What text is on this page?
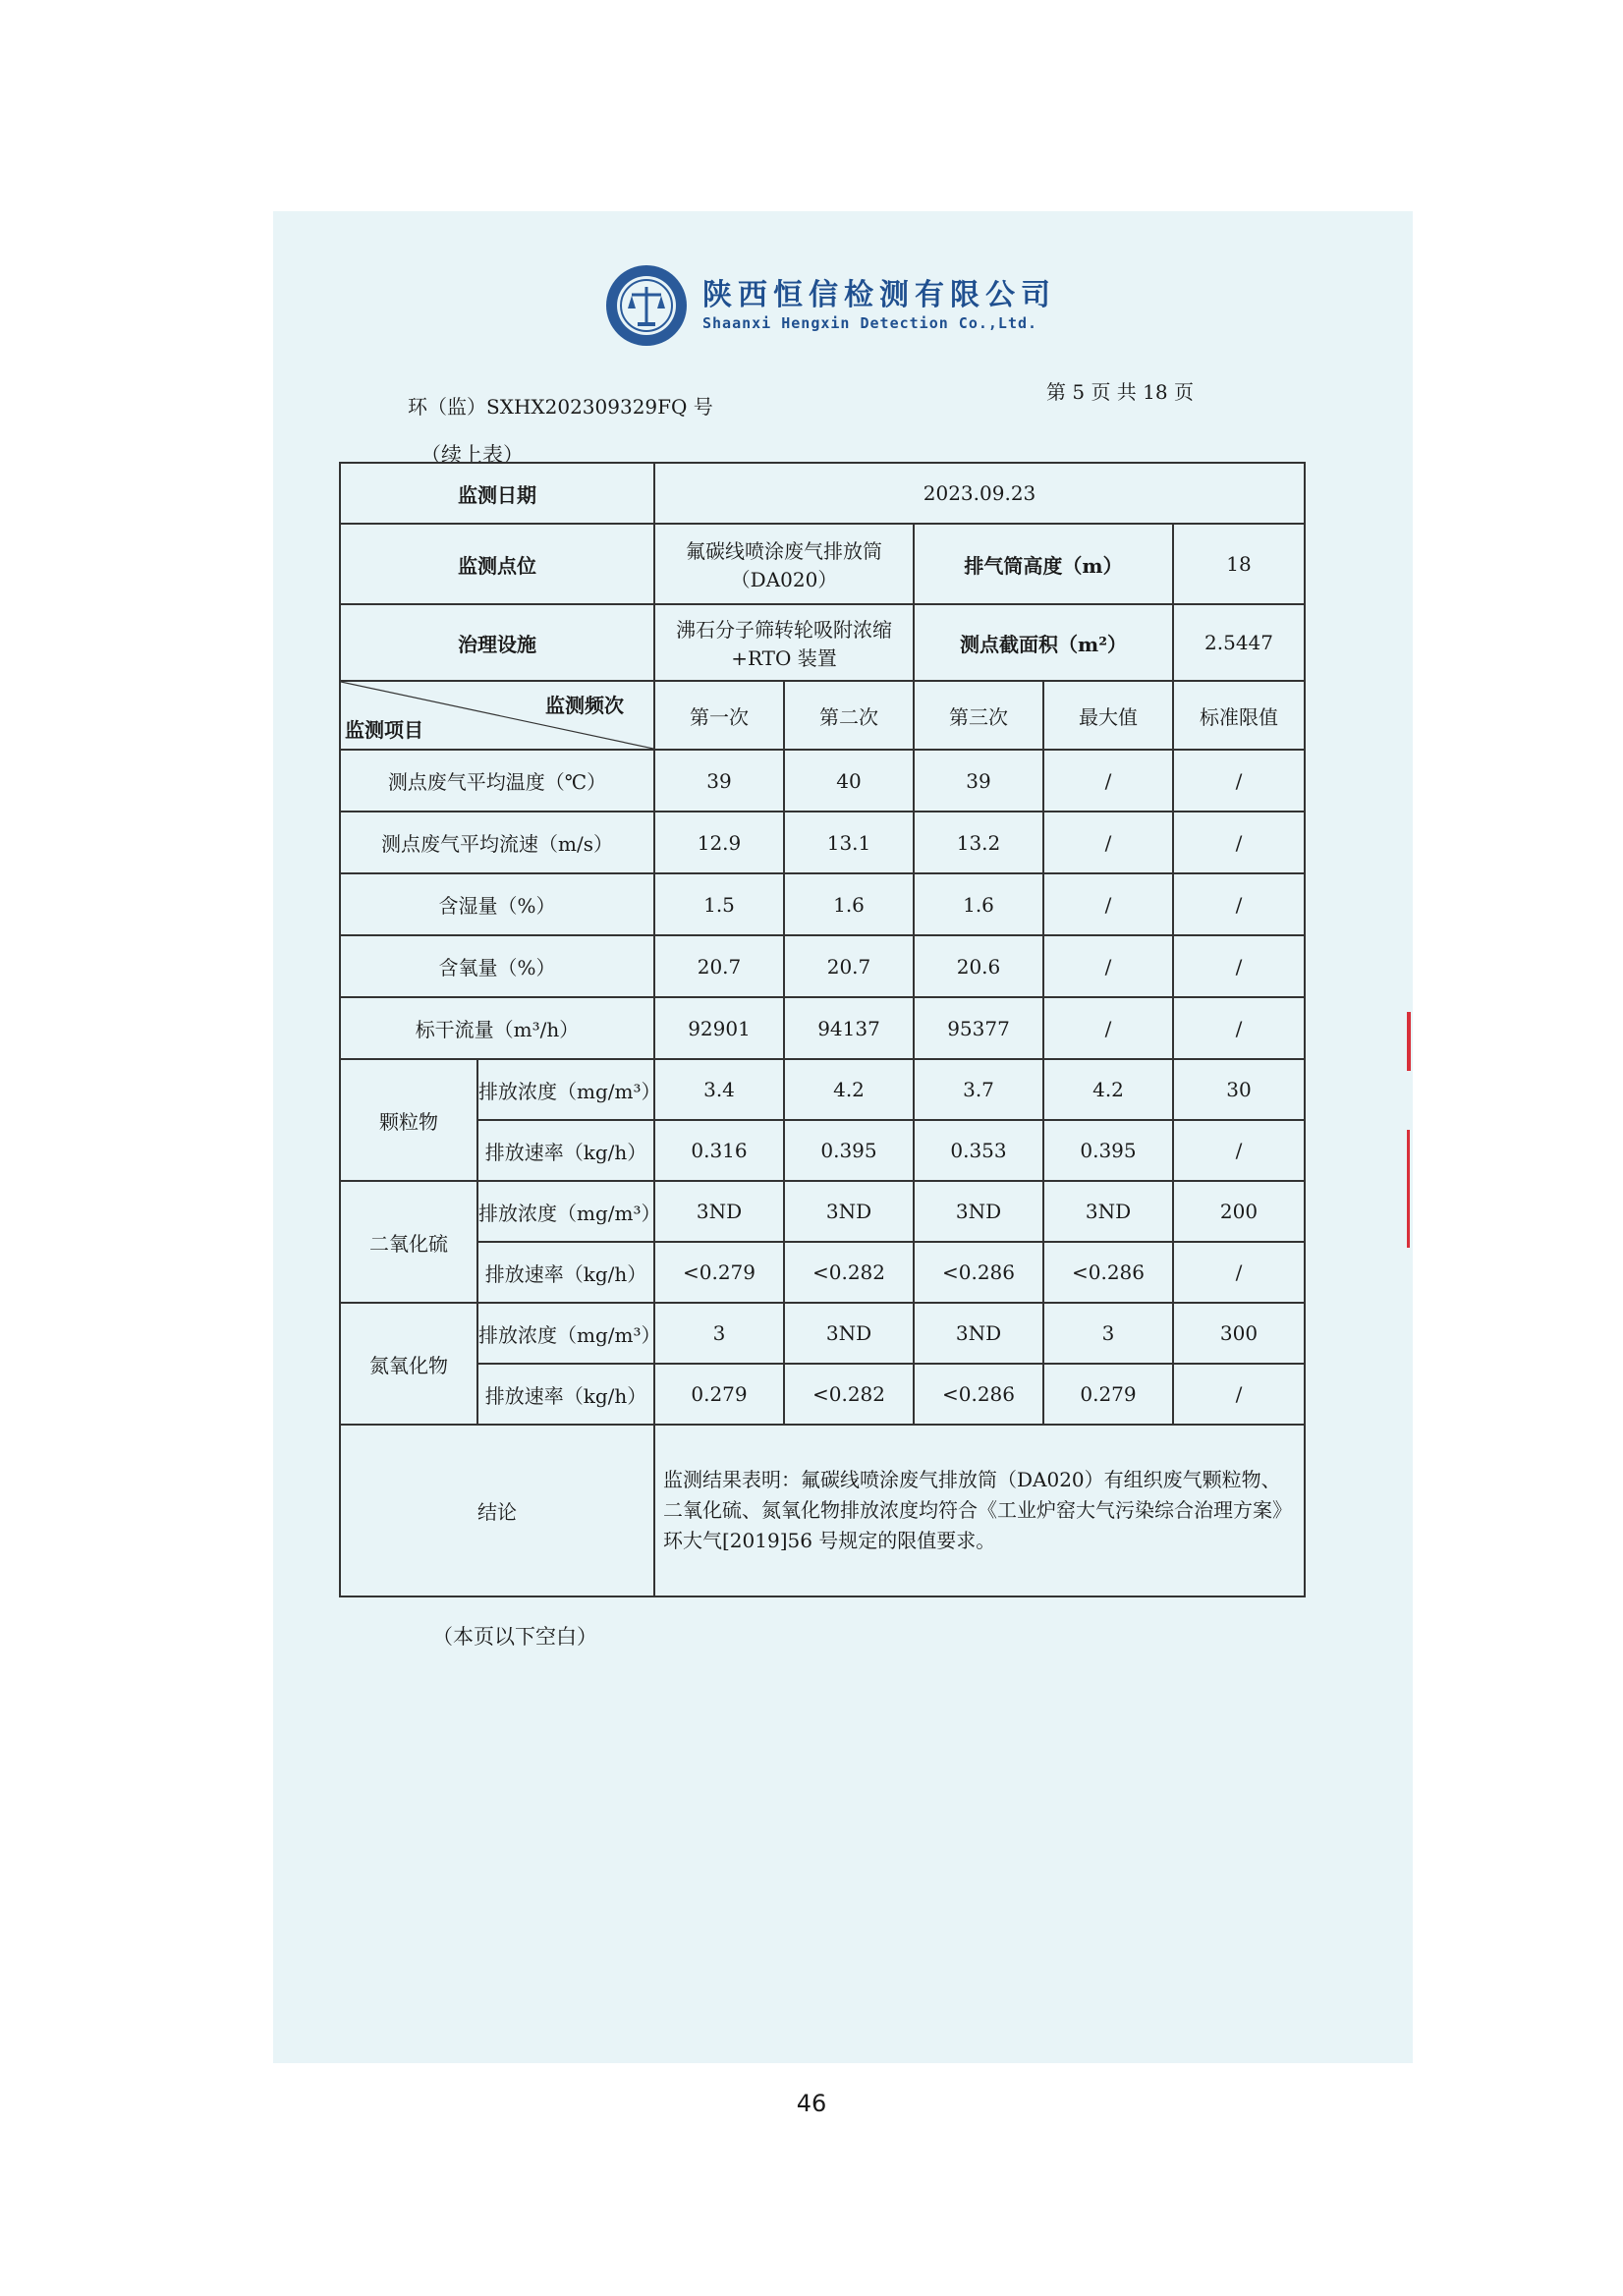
陕西恒信检测有限公司
Shaanxi Hengxin Detection Co.,Ltd.
环（监）SXHX202309329FQ 号
第 5 页 共 18 页
（续上表）
监测日期		2023.09.23				
监测点位		氟碳线喷涂废气排放筒（DA020）		排气筒高度（m）		18
治理设施		沸石分子筛转轮吸附浓缩+RTO 装置		测点截面积（m²）		2.5447

监测频次
监测项目		第一次	第二次	第三次	最大值	标准限值
测点废气平均温度（℃）		39	40	39	/	/
测点废气平均流速（m/s）		12.9	13.1	13.2	/	/
含湿量（%）		1.5	1.6	1.6	/	/
含氧量（%）		20.7	20.7	20.6	/	/
标干流量（m³/h）		92901	94137	95377	/	/
颗粒物	排放浓度（mg/m³）	3.4	4.2	3.7	4.2	30
	排放速率（kg/h）	0.316	0.395	0.353	0.395	/
二氧化硫	排放浓度（mg/m³）	3ND	3ND	3ND	3ND	200
	排放速率（kg/h）	<0.279	<0.282	<0.286	<0.286	/
氮氧化物	排放浓度（mg/m³）	3	3ND	3ND	3	300
	排放速率（kg/h）	0.279	<0.282	<0.286	0.279	/
结论		监测结果表明：氟碳线喷涂废气排放筒（DA020）有组织废气颗粒物、二氧化硫、氮氧化物排放浓度均符合《工业炉窑大气污染综合治理方案》环大气[2019]56 号规定的限值要求。				
（本页以下空白）
46
